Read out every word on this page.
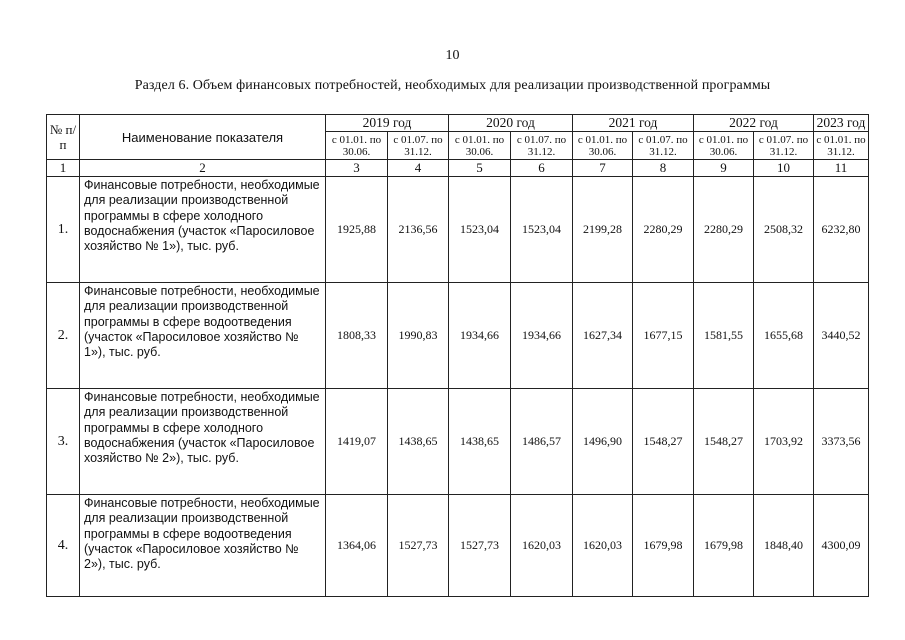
10
Раздел 6. Объем финансовых потребностей, необходимых для реализации производственной программы
№ п/п	Наименование показателя	2019 год		2020 год		2021 год		2022 год		2023 год
		с 01.01. по 30.06.	с 01.07. по 31.12.	с 01.01. по 30.06.	с 01.07. по 31.12.	с 01.01. по 30.06.	с 01.07. по 31.12.	с 01.01. по 30.06.	с 01.07. по 31.12.	с 01.01. по 31.12.
1	2	3	4	5	6	7	8	9	10	11
1.	Финансовые потребности, необходимые для реализации производственной программы в сфере холодного водоснабжения (участок «Паросиловое хозяйство № 1»), тыс. руб.	1925,88	2136,56	1523,04	1523,04	2199,28	2280,29	2280,29	2508,32	6232,80
2.	Финансовые потребности, необходимые для реализации производственной программы в сфере водоотведения (участок «Паросиловое хозяйство № 1»), тыс. руб.	1808,33	1990,83	1934,66	1934,66	1627,34	1677,15	1581,55	1655,68	3440,52
3.	Финансовые потребности, необходимые для реализации производственной программы в сфере холодного водоснабжения (участок «Паросиловое хозяйство № 2»), тыс. руб.	1419,07	1438,65	1438,65	1486,57	1496,90	1548,27	1548,27	1703,92	3373,56
4.	Финансовые потребности, необходимые для реализации производственной программы в сфере водоотведения (участок «Паросиловое хозяйство № 2»), тыс. руб.	1364,06	1527,73	1527,73	1620,03	1620,03	1679,98	1679,98	1848,40	4300,09
